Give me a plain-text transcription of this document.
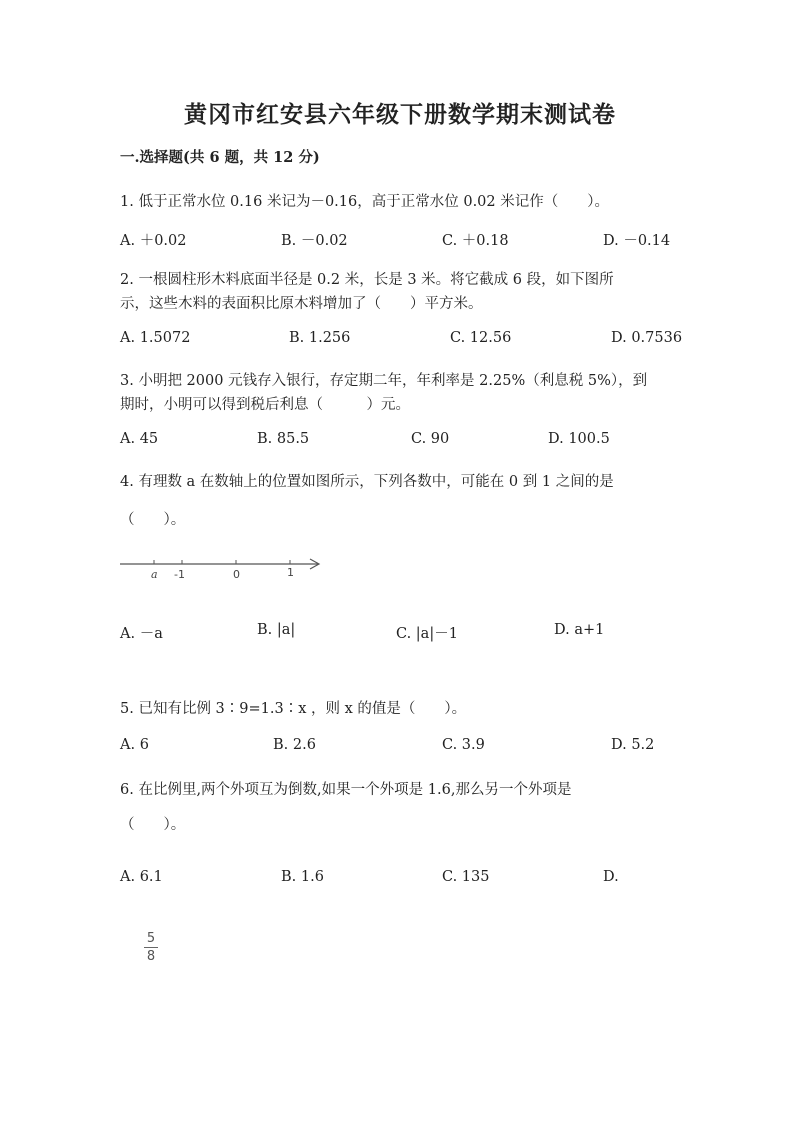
黄冈市红安县六年级下册数学期末测试卷
一.选择题(共 6 题，共 12 分)
1. 低于正常水位 0.16 米记为－0.16，高于正常水位 0.02 米记作（　　）。
A. ＋0.02	B. －0.02	C. ＋0.18	D. －0.14
2. 一根圆柱形木料底面半径是 0.2 米，长是 3 米。将它截成 6 段，如下图所
示，这些木料的表面积比原木料增加了（　　）平方米。
A. 1.5072	B. 1.256	C. 12.56	D. 0.7536
3. 小明把 2000 元钱存入银行，存定期二年，年利率是 2.25%（利息税 5%），到
期时，小明可以得到税后利息（　　　）元。
A. 45	B. 85.5	C. 90	D. 100.5
4. 有理数 a 在数轴上的位置如图所示，下列各数中，可能在 0 到 1 之间的是
（　　）。
a -1	0	1
A. －a	B. |a|	C. |a|－1	D. a+1
5. 已知有比例 3∶9=1.3∶x ，则 x 的值是（　　）。
A. 6	B. 2.6	C. 3.9	D. 5.2
6. 在比例里,两个外项互为倒数,如果一个外项是 1.6,那么另一个外项是
（　　）。
A. 6.1	B. 1.6	C. 135	D.
5
8
